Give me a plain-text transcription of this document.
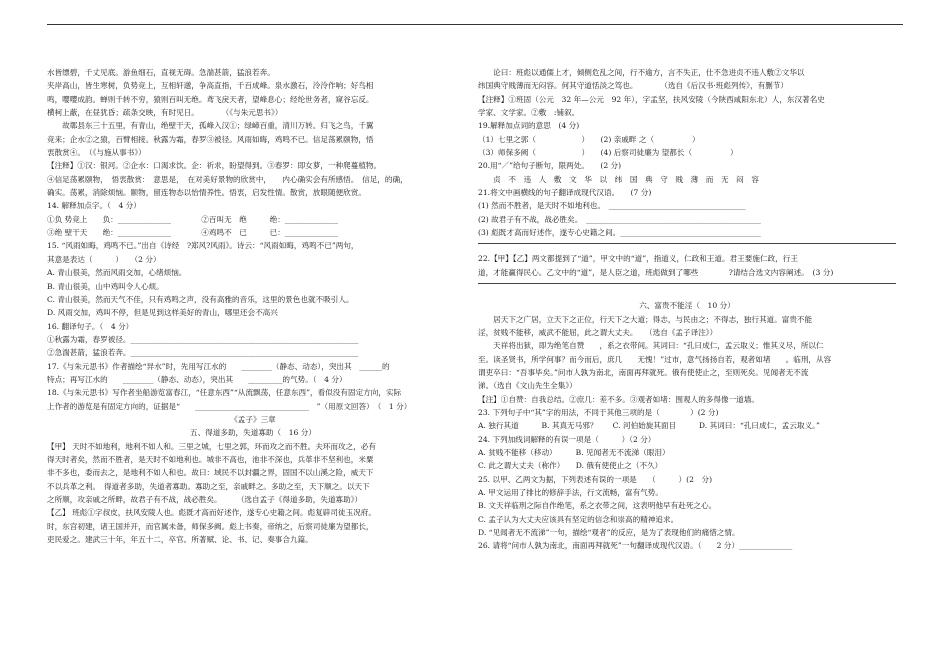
水皆缥碧，千丈见底。游鱼细石，直视无碍。急湍甚箭，猛浪若奔。
夹岸高山，皆生寒树，负势竞上，互相轩邈，争高直指，千百成峰。泉水激石，泠泠作响；好鸟相
鸣，嘤嘤成韵。蝉则千转不穷，猿则百叫无绝。鸢飞戾天者，望峰息心；经纶世务者，窥谷忘反。
横柯上蔽，在昼犹昏；疏条交映，有时见日。　　　　（《与朱元思书》）
　　故鄣县东三十五里，有青山，绝壁干天，孤峰入汉①；绿嶂百重，清川万转。归飞之鸟，千翼
竞来；企水②之猿，百臂相接。秋露为霜，春罗③被径。风雨如晦，鸡鸣不已。信足荡累颐物，悟
衷散赏④。　（《与施从事书》）
【注释】①汉：银河。②企水：口渴求饮。企：祈求，盼望得到。③春罗：即女萝，一种爬蔓植物。
④信足荡累颐物，　悟衷散赏：　意思是，　在对美好景物的欣赏中，　　内心确实会有所感悟。　信足，的确，
确实。荡累，消除烦恼。颐物，留连物态以怡情养性。悟衷，启发性情。散赏，放眼随便欣赏。
14. 解释加点字。（　4 分）
①负 势竞上　　负：______________　　　　②百叫无　绝　　　绝：______________
③绝 壁干天　　绝：______________　　　　④鸡鸣不　已　　　已：______________
15. “风雨如晦，鸡鸣不已。”出自《诗经　?郑风?风雨》。诗云：“风雨如晦，鸡鸣不已”两句，
其意是表达（　　　）　　（2 分）
A. 青山很美，然而风雨交加，心绪烦恼。
B. 青山很美，山中鸡叫令人心烦。
C. 青山很美，然而天气不佳，只有鸡鸣之声，没有高雅的音乐，这里的景色也就不吸引人。
D. 风雨交加，鸡叫不停，但是见到这样美好的青山，哪里还会不高兴
16. 翻译句子。（　4 分）
①秋露为霜，春罗被径。____________________________________________________________
②急湍甚箭，猛浪若奔。____________________________________________________________
17.《与朱元思书》作者描绘“异水”时，先用写江水的　　________（静态、动态），突出其　______的
特点；再写江水的　　________（静态、动态），突出其　　_________的气势。（　4 分）
18.《与朱元思书》写作者坐船游览富春江，“任意东西”“从流飘荡，任意东西”，看似没有固定方向，实际
上作者的游览是有固定方向的，证据是“　　______________________________　”（用原文回答）　（　1 分）
《孟子》三章
五、得道多助，失道寡助（　16 分）
【甲】 天时不如地利，地利不如人和。三里之城，七里之郭，环而攻之而不胜。夫环而攻之，必有
得天时者矣，然而不胜者，是天时不如地利也。城非不高也，池非不深也，兵革非不坚利也，米粟
非不多也，委而去之，是地利不如人和也。故曰：域民不以封疆之界，固国不以山溪之险，威天下
不以兵革之利。　得道者多助，失道者寡助。寡助之至，亲戚畔之。多助之至，天下顺之。以天下
之所顺，攻亲戚之所畔，故君子有不战，战必胜矣。　　　（选自孟子《得道多助，失道寡助》）
【乙】 班彪①字叔皮，扶风安陵人也。彪既才高而好述作，遂专心史籍之间。彪复辟司徒玉况府。
时，东宫初建，诸王国并开，而官属未备，师保多阙。彪上书奏，帝纳之，后察司徒廉为望都长，
吏民爱之。建武三十年，年五十二，卒官。所著赋、论、书、记、奏事合九篇。
　　论曰：班彪以通儒上才，倾侧危乱之间，行不逾方，言不失正，仕不急进贞不违人敷②文华以
纬国典守贱薄而无闷容。何其守道恬淡之笃也。　　　　（选自《后汉书·班彪列传》，有删节）
【注释】①班固（公元　32 年—公元　92 年），字孟坚，扶风安陵（今陕西咸阳东北）人，东汉著名史
学家、文学家。②敷　:铺叙。
19.解释加点词的意思　(4 分)
（1）七里之郭（　　　　　　）　　(2) 亲戚畔 之（　　　　　）
（3）师保多阙（　　　　　　）　　(4) 后察司徒廉为 望都长（　　　　　）
20.用“／”给句子断句，限两处。　　(2 分)
　　贞　不　违　人　敷　文　华　以　纬　国　典　守　贱　薄　而　无　闷　容
21.将文中画横线的句子翻译成现代汉语。　　(7 分)
(1) 然而不胜者，是天时不如地利也。　____________________________________
(2) 故君子有不战，战必胜矣。　______________________________________________
(3) 彪既才高而好述作，遂专心史籍之间。_____________________________________
22.【甲】【乙】两文都提到了“道”，甲文中的“道”，指道义，仁政和王道。君王要施仁政，行王
道，才能赢得民心。乙文中的“道”，是人臣之道，班彪做到了哪些　　　　?请结合选文内容阐述。　(3 分)
六、富贵不能淫（　10 分）
　　居天下之广居，立天下之正位，行天下之大道；得志，与民由之；不得志，独行其道。富贵不能
淫，贫贱不能移，威武不能屈，此之谓大丈夫。　　（选自《孟子译注》）
　　天祥将出狱，即为绝笔自赞　　，系之衣带间。其词曰：“孔曰成仁，孟云取义；惟其义尽，所以仁
至。读圣贤书，所学何事？而今而后，庶几　　无愧！”过市，意气扬扬自若，观者如堵　　。临刑，从容
谓吏卒曰：“吾事毕矣。”问市人孰为南北，南面再拜就死。俄有使使止之，至则死矣。见闻者无不流
涕。（选自《文山先生全集》）
【注】①自赞：自我总结。②庶几：差不多。③观者如堵：围观人的多得像一道墙。
23. 下列句子中“其”字的用法，不同于其他三项的是（　　　　）(2 分)
A. 独行其道　　　B. 其真无马邪？　　C. 河伯始旋其面目　　　D. 其词曰：“孔曰成仁，孟云取义。”
24. 下列加线词解释的有误一项是（　　　）（2 分）
A. 贫贱不能移（移动）　　　B. 见闻者无不流涕（眼泪）
C. 此之谓大丈夫（称作）　　D. 俄有使使止之（不久）
25. 以甲、乙两文为据，下列表述有误的一项是　　（　　　）(2　分)
A. 甲文运用了排比的修辞手法，行文流畅，富有气势。
B. 文天祥临刑之际自作绝笔，系之衣带之间，这表明他早有赴死之心。
C. 孟子认为大丈夫应该具有坚定的信念和崇高的精神追求。
D. “见闻者无不流涕”一句，描绘“观者”的反应，是为了表现他们的痛惜之情。
26. 请将“问市人孰为南北，南面再拜就死”一句翻译成现代汉语。（　　2 分）______________
